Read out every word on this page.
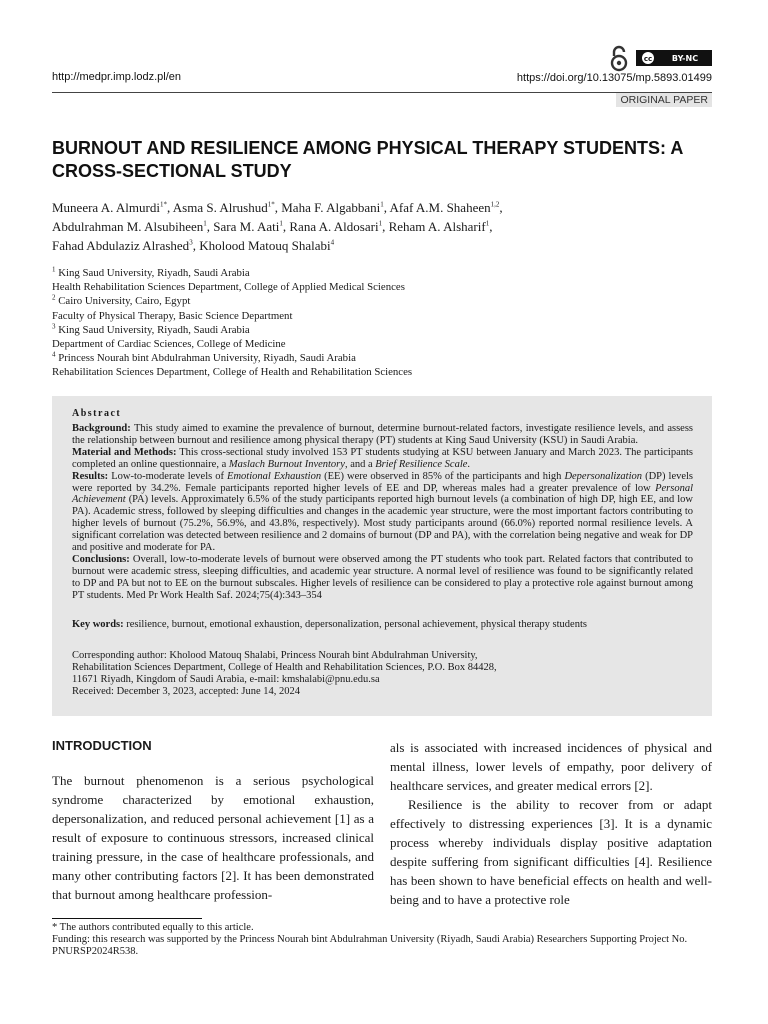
http://medpr.imp.lodz.pl/en
cc	BY-NC
https://doi.org/10.13075/mp.5893.01499
ORIGINAL PAPER
BURNOUT AND RESILIENCE AMONG PHYSICAL THERAPY STUDENTS: A CROSS-SECTIONAL STUDY

Muneera A. Almurdi$^{1*}$, Asma S. Alrushud$^{1*}$, Maha F. Algabbani$^1$, Afaf A.M. Shaheen$^{1,2}$,
Abdulrahman M. Alsubiheen$^1$, Sara M. Aati$^1$, Rana A. Aldosari$^1$, Reham A. Alsharif$^1$,
Fahad Abdulaziz Alrashed$^3$, Kholood Matouq Shalabi$^4$

$^1$ King Saud University, Riyadh, Saudi Arabia
Health Rehabilitation Sciences Department, College of Applied Medical Sciences
$^2$ Cairo University, Cairo, Egypt
Faculty of Physical Therapy, Basic Science Department
$^3$ King Saud University, Riyadh, Saudi Arabia
Department of Cardiac Sciences, College of Medicine
$^4$ Princess Nourah bint Abdulrahman University, Riyadh, Saudi Arabia
Rehabilitation Sciences Department, College of Health and Rehabilitation Sciences
Abstract

Background: This study aimed to examine the prevalence of burnout, determine burnout-related factors, investigate resilience levels, and assess the relationship between burnout and resilience among physical therapy (PT) students at King Saud University (KSU) in Saudi Arabia.

Material and Methods: This cross-sectional study involved 153 PT students studying at KSU between January and March 2023. The participants completed an online questionnaire, a Maslach Burnout Inventory, and a Brief Resilience Scale.

Results: Low-to-moderate levels of Emotional Exhaustion (EE) were observed in 85% of the participants and high Depersonalization (DP) levels were reported by 34.2%. Female participants reported higher levels of EE and DP, whereas males had a greater prevalence of low Personal Achievement (PA) levels. Approximately 6.5% of the study participants reported high burnout levels (a combination of high DP, high EE, and low PA). Academic stress, followed by sleeping difficulties and changes in the academic year structure, were the most important factors contributing to higher levels of burnout (75.2%, 56.9%, and 43.8%, respectively). Most study participants around (66.0%) reported normal resilience levels. A significant correlation was detected between resilience and 2 domains of burnout (DP and PA), with the correlation being negative and weak for DP and positive and moderate for PA.

Conclusions: Overall, low-to-moderate levels of burnout were observed among the PT students who took part. Related factors that contributed to burnout were academic stress, sleeping difficulties, and academic year structure. A normal level of resilience was found to be significantly related to DP and PA but not to EE on the burnout subscales. Higher levels of resilience can be considered to play a protective role against burnout among PT students. Med Pr Work Health Saf. 2024;75(4):343–354

Key words: resilience, burnout, emotional exhaustion, depersonalization, personal achievement, physical therapy students

Corresponding author: Kholood Matouq Shalabi, Princess Nourah bint Abdulrahman University,
Rehabilitation Sciences Department, College of Health and Rehabilitation Sciences, P.O. Box 84428,
11671 Riyadh, Kingdom of Saudi Arabia, e-mail: kmshalabi@pnu.edu.sa
Received: December 3, 2023, accepted: June 14, 2024
INTRODUCTION

The burnout phenomenon is a serious psychological syndrome characterized by emotional exhaustion, depersonalization, and reduced personal achievement [1] as a result of exposure to continuous stressors, increased clinical training pressure, in the case of healthcare professionals, and many other contributing factors [2]. It has been demonstrated that burnout among healthcare profession-

als is associated with increased incidences of physical and mental illness, lower levels of empathy, poor delivery of healthcare services, and greater medical errors [2].

Resilience is the ability to recover from or adapt effectively to distressing experiences [3]. It is a dynamic process whereby individuals display positive adaptation despite suffering from significant difficulties [4]. Resilience has been shown to have beneficial effects on health and well-being and to have a protective role

* The authors contributed equally to this article.

Funding: this research was supported by the Princess Nourah bint Abdulrahman University (Riyadh, Saudi Arabia) Researchers Supporting Project No. PNURSP2024R538.
